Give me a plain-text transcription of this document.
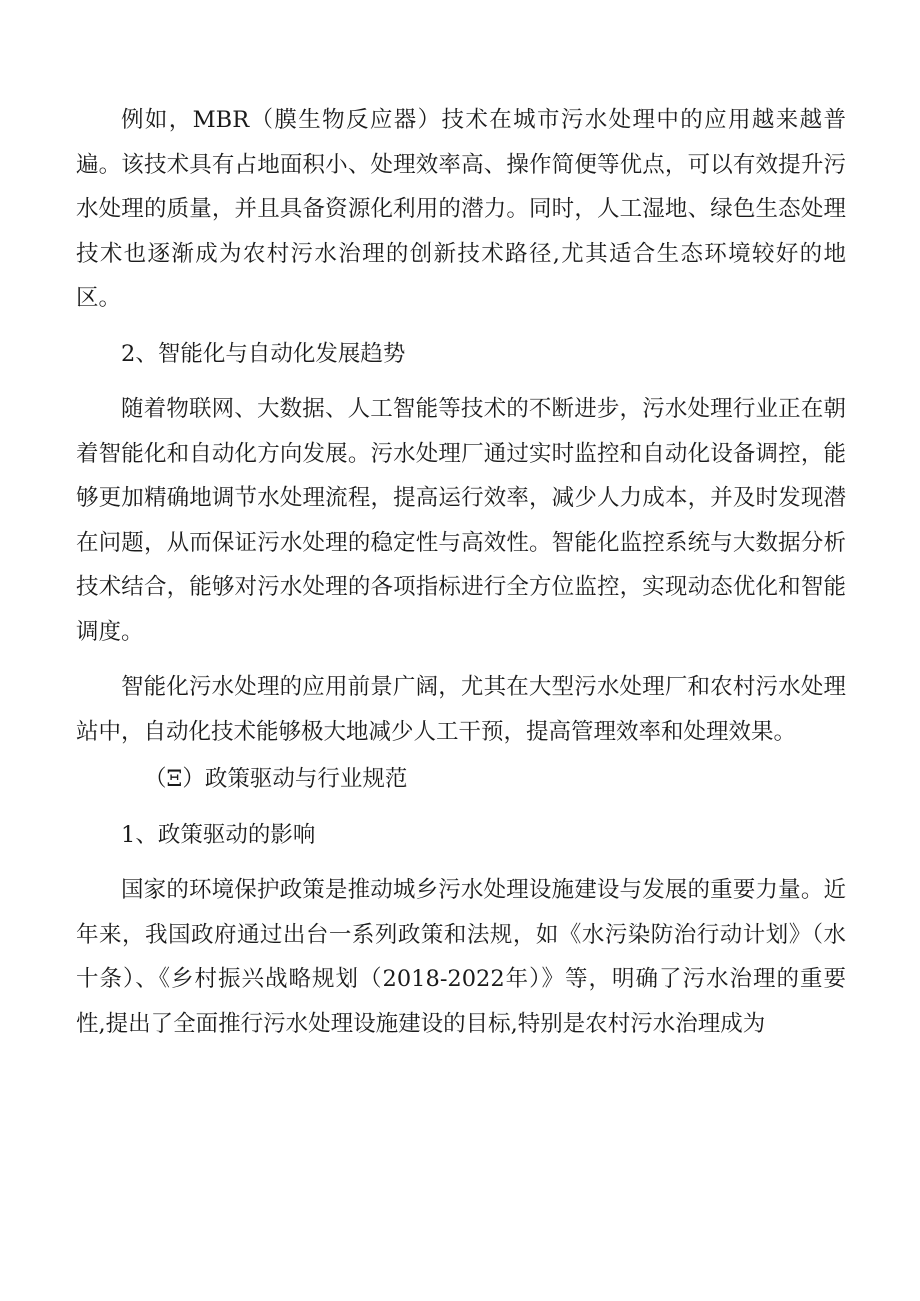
例如，MBR（膜生物反应器）技术在城市污水处理中的应用越来越普遍。该技术具有占地面积小、处理效率高、操作简便等优点，可以有效提升污水处理的质量，并且具备资源化利用的潜力。同时，人工湿地、绿色生态处理技术也逐渐成为农村污水治理的创新技术路径,尤其适合生态环境较好的地区。

2、智能化与自动化发展趋势

随着物联网、大数据、人工智能等技术的不断进步，污水处理行业正在朝着智能化和自动化方向发展。污水处理厂通过实时监控和自动化设备调控，能够更加精确地调节水处理流程，提高运行效率，减少人力成本，并及时发现潜在问题，从而保证污水处理的稳定性与高效性。智能化监控系统与大数据分析技术结合，能够对污水处理的各项指标进行全方位监控，实现动态优化和智能调度。

智能化污水处理的应用前景广阔，尤其在大型污水处理厂和农村污水处理站中，自动化技术能够极大地减少人工干预，提高管理效率和处理效果。

（Ξ）政策驱动与行业规范

1、政策驱动的影响

国家的环境保护政策是推动城乡污水处理设施建设与发展的重要力量。近年来，我国政府通过出台一系列政策和法规，如《水污染防治行动计划》（水十条）、《乡村振兴战略规划（2018-2022年）》等，明确了污水治理的重要性,提出了全面推行污水处理设施建设的目标,特别是农村污水治理成为
